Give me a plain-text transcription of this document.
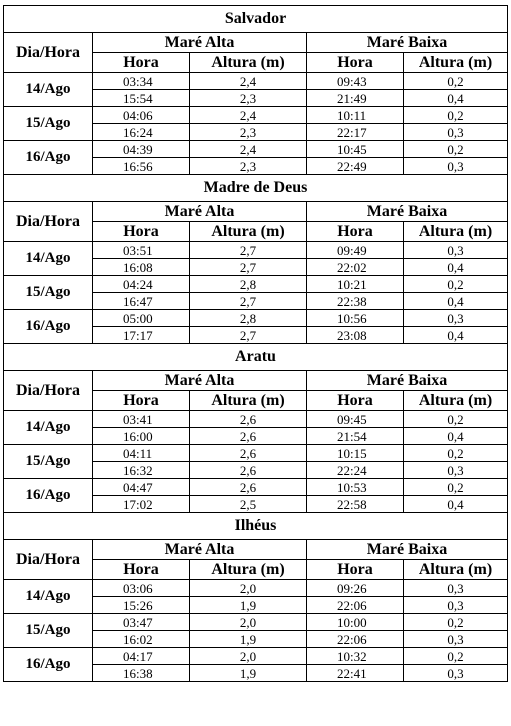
Salvador				
Dia/Hora	Maré Alta		Maré Baixa	
	Hora	Altura (m)	Hora	Altura (m)
14/Ago	03:34	2,4	09:43	0,2
	15:54	2,3	21:49	0,4
15/Ago	04:06	2,4	10:11	0,2
	16:24	2,3	22:17	0,3
16/Ago	04:39	2,4	10:45	0,2
	16:56	2,3	22:49	0,3
Madre de Deus				
Dia/Hora	Maré Alta		Maré Baixa	
	Hora	Altura (m)	Hora	Altura (m)
14/Ago	03:51	2,7	09:49	0,3
	16:08	2,7	22:02	0,4
15/Ago	04:24	2,8	10:21	0,2
	16:47	2,7	22:38	0,4
16/Ago	05:00	2,8	10:56	0,3
	17:17	2,7	23:08	0,4
Aratu				
Dia/Hora	Maré Alta		Maré Baixa	
	Hora	Altura (m)	Hora	Altura (m)
14/Ago	03:41	2,6	09:45	0,2
	16:00	2,6	21:54	0,4
15/Ago	04:11	2,6	10:15	0,2
	16:32	2,6	22:24	0,3
16/Ago	04:47	2,6	10:53	0,2
	17:02	2,5	22:58	0,4
Ilhéus				
Dia/Hora	Maré Alta		Maré Baixa	
	Hora	Altura (m)	Hora	Altura (m)
14/Ago	03:06	2,0	09:26	0,3
	15:26	1,9	22:06	0,3
15/Ago	03:47	2,0	10:00	0,2
	16:02	1,9	22:06	0,3
16/Ago	04:17	2,0	10:32	0,2
	16:38	1,9	22:41	0,3
